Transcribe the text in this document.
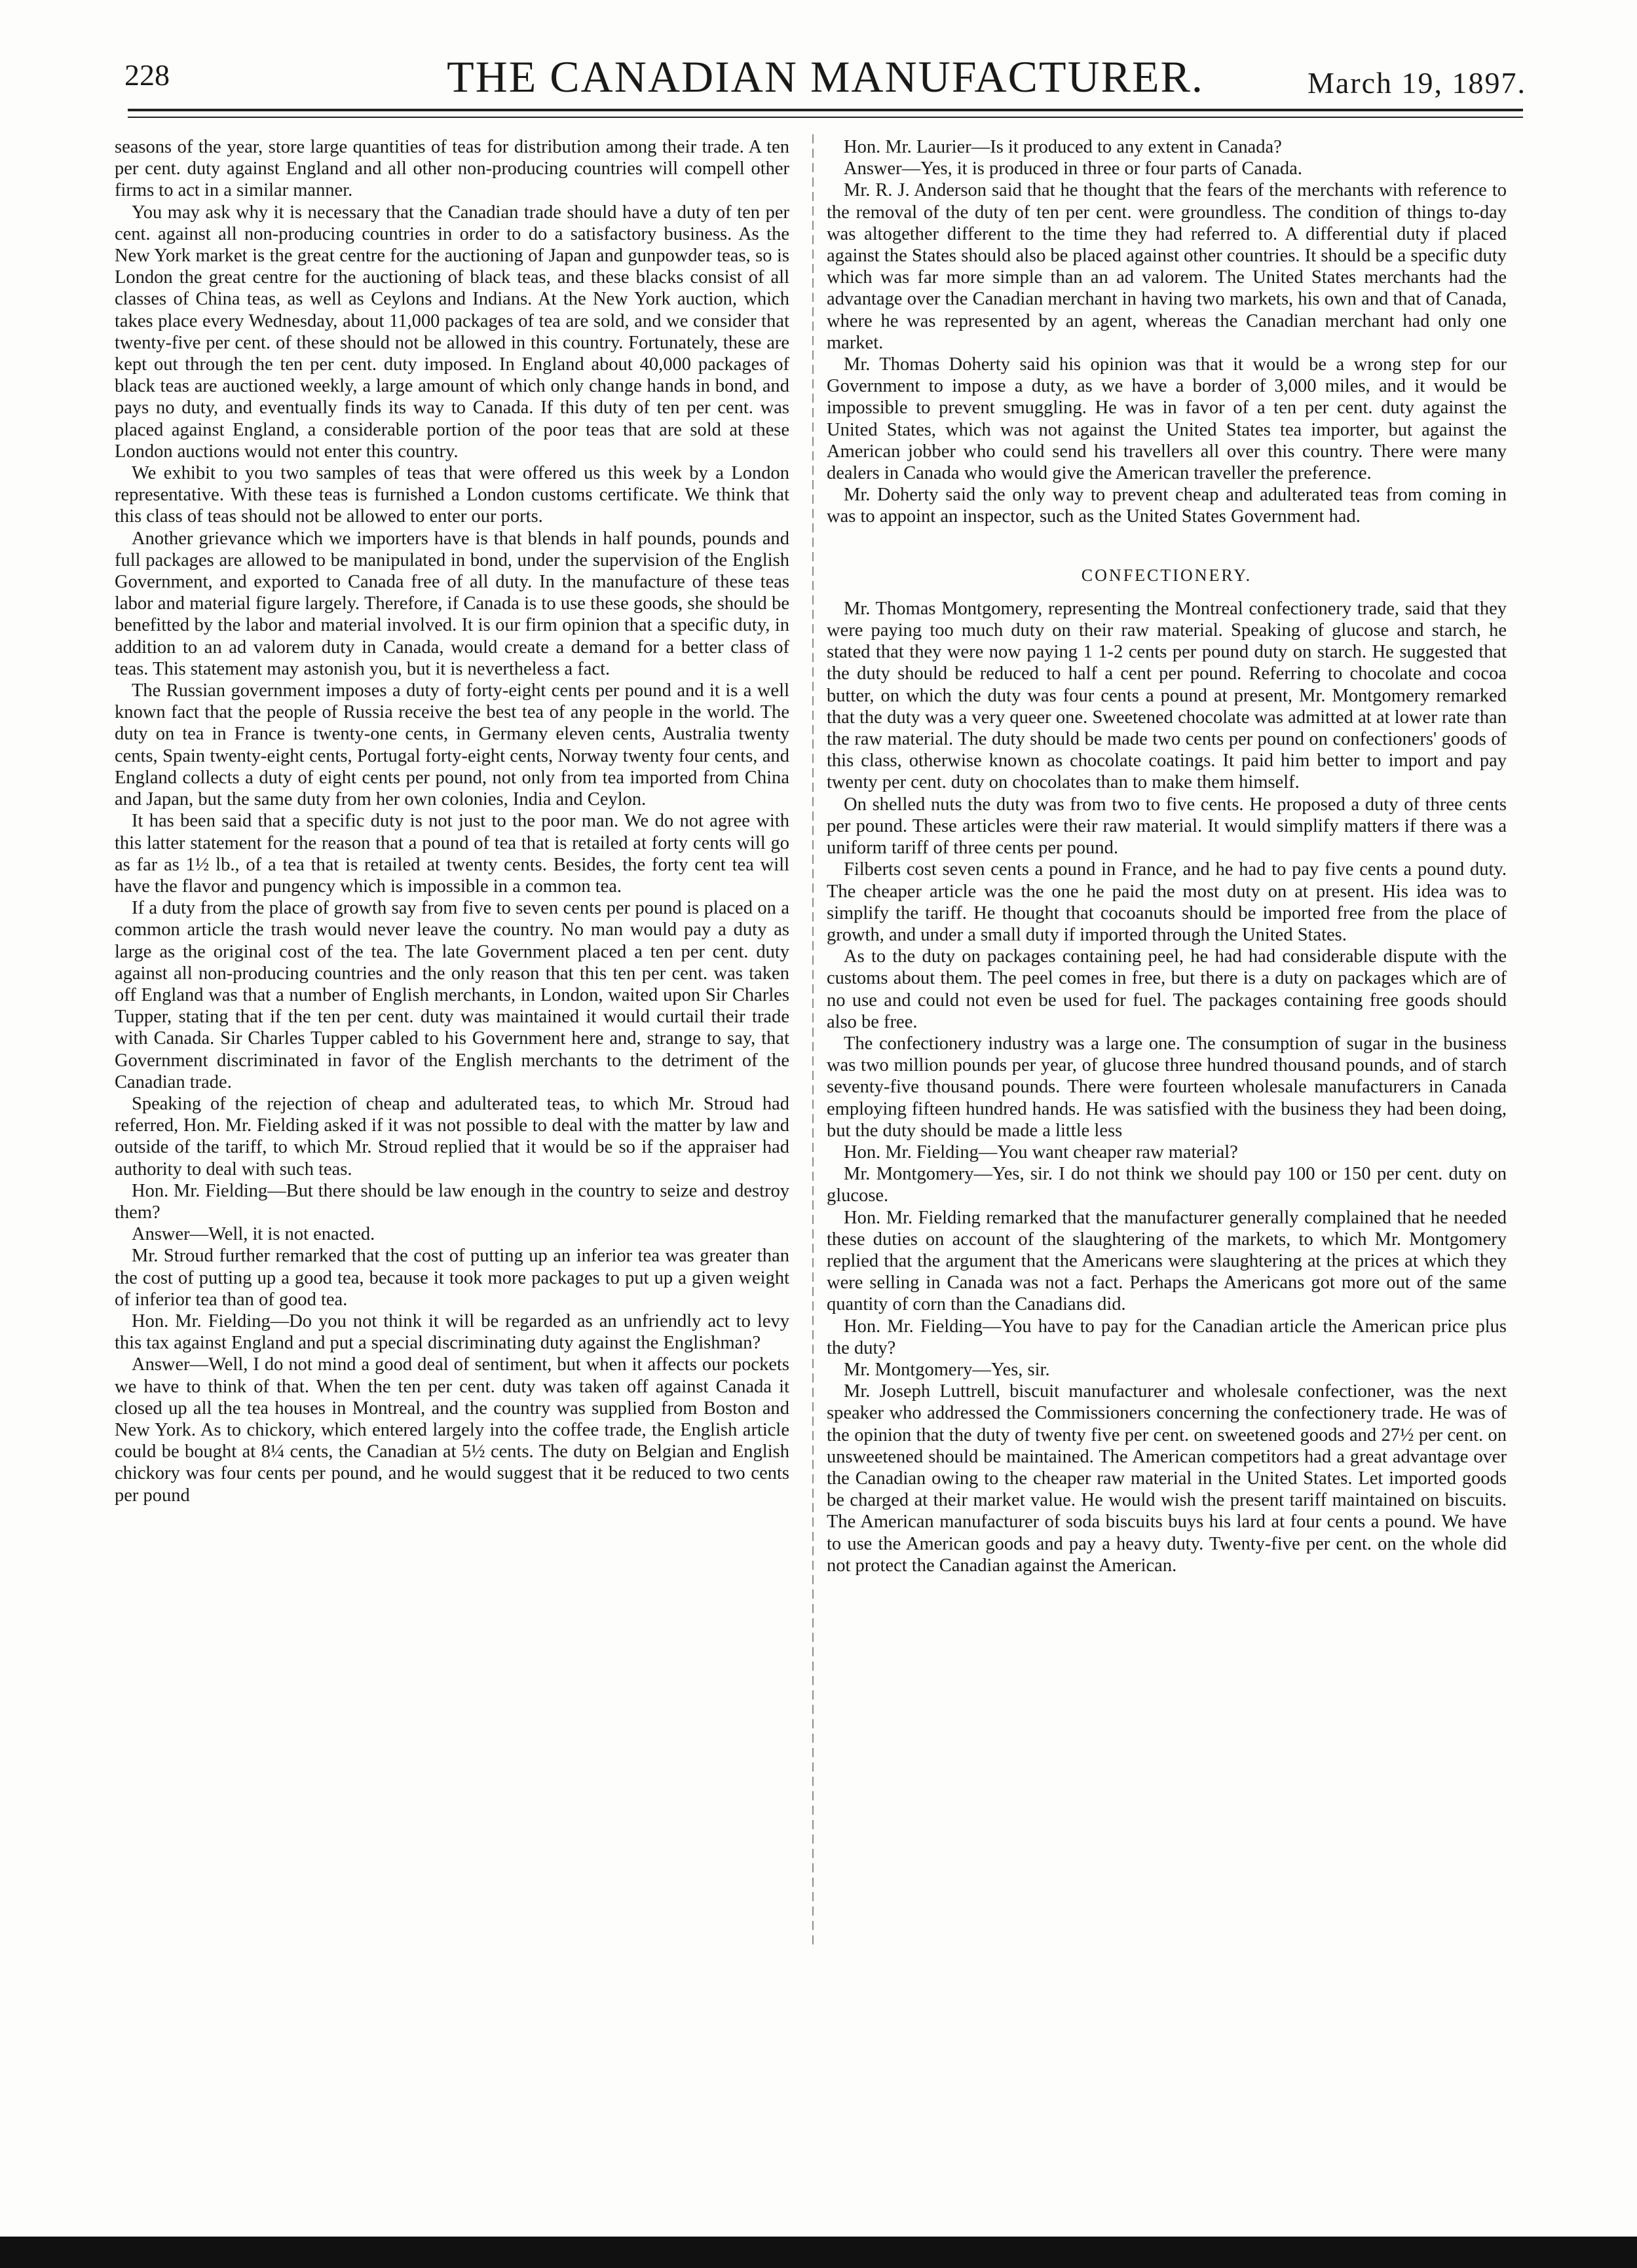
228	THE CANADIAN MANUFACTURER.	March 19, 1897.

seasons of the year, store large quantities of teas for distribution among their trade. A ten per cent. duty against England and all other non-producing countries will compell other firms to act in a similar manner.

You may ask why it is necessary that the Canadian trade should have a duty of ten per cent. against all non-producing countries in order to do a satisfactory business. As the New York market is the great centre for the auctioning of Japan and gunpowder teas, so is London the great centre for the auctioning of black teas, and these blacks consist of all classes of China teas, as well as Ceylons and Indians. At the New York auction, which takes place every Wednesday, about 11,000 packages of tea are sold, and we consider that twenty-five per cent. of these should not be allowed in this country. Fortunately, these are kept out through the ten per cent. duty imposed. In England about 40,000 packages of black teas are auctioned weekly, a large amount of which only change hands in bond, and pays no duty, and eventually finds its way to Canada. If this duty of ten per cent. was placed against England, a considerable portion of the poor teas that are sold at these London auctions would not enter this country.

We exhibit to you two samples of teas that were offered us this week by a London representative. With these teas is furnished a London customs certificate. We think that this class of teas should not be allowed to enter our ports.

Another grievance which we importers have is that blends in half pounds, pounds and full packages are allowed to be manipulated in bond, under the supervision of the English Government, and exported to Canada free of all duty. In the manufacture of these teas labor and material figure largely. Therefore, if Canada is to use these goods, she should be benefitted by the labor and material involved. It is our firm opinion that a specific duty, in addition to an ad valorem duty in Canada, would create a demand for a better class of teas. This statement may astonish you, but it is nevertheless a fact.

The Russian government imposes a duty of forty-eight cents per pound and it is a well known fact that the people of Russia receive the best tea of any people in the world. The duty on tea in France is twenty-one cents, in Germany eleven cents, Australia twenty cents, Spain twenty-eight cents, Portugal forty-eight cents, Norway twenty four cents, and England collects a duty of eight cents per pound, not only from tea imported from China and Japan, but the same duty from her own colonies, India and Ceylon.

It has been said that a specific duty is not just to the poor man. We do not agree with this latter statement for the reason that a pound of tea that is retailed at forty cents will go as far as 1½ lb., of a tea that is retailed at twenty cents. Besides, the forty cent tea will have the flavor and pungency which is impossible in a common tea.

If a duty from the place of growth say from five to seven cents per pound is placed on a common article the trash would never leave the country. No man would pay a duty as large as the original cost of the tea. The late Government placed a ten per cent. duty against all non-producing countries and the only reason that this ten per cent. was taken off England was that a number of English merchants, in London, waited upon Sir Charles Tupper, stating that if the ten per cent. duty was maintained it would curtail their trade with Canada. Sir Charles Tupper cabled to his Government here and, strange to say, that Government discriminated in favor of the English merchants to the detriment of the Canadian trade.

Speaking of the rejection of cheap and adulterated teas, to which Mr. Stroud had referred, Hon. Mr. Fielding asked if it was not possible to deal with the matter by law and outside of the tariff, to which Mr. Stroud replied that it would be so if the appraiser had authority to deal with such teas.

Hon. Mr. Fielding—But there should be law enough in the country to seize and destroy them?

Answer—Well, it is not enacted.

Mr. Stroud further remarked that the cost of putting up an inferior tea was greater than the cost of putting up a good tea, because it took more packages to put up a given weight of inferior tea than of good tea.

Hon. Mr. Fielding—Do you not think it will be regarded as an unfriendly act to levy this tax against England and put a special discriminating duty against the Englishman?

Answer—Well, I do not mind a good deal of sentiment, but when it affects our pockets we have to think of that. When the ten per cent. duty was taken off against Canada it closed up all the tea houses in Montreal, and the country was supplied from Boston and New York. As to chickory, which entered largely into the coffee trade, the English article could be bought at 8¼ cents, the Canadian at 5½ cents. The duty on Belgian and English chickory was four cents per pound, and he would suggest that it be reduced to two cents per pound

Hon. Mr. Laurier—Is it produced to any extent in Canada?

Answer—Yes, it is produced in three or four parts of Canada.

Mr. R. J. Anderson said that he thought that the fears of the merchants with reference to the removal of the duty of ten per cent. were groundless. The condition of things to-day was altogether different to the time they had referred to. A differential duty if placed against the States should also be placed against other countries. It should be a specific duty which was far more simple than an ad valorem. The United States merchants had the advantage over the Canadian merchant in having two markets, his own and that of Canada, where he was represented by an agent, whereas the Canadian merchant had only one market.

Mr. Thomas Doherty said his opinion was that it would be a wrong step for our Government to impose a duty, as we have a border of 3,000 miles, and it would be impossible to prevent smuggling. He was in favor of a ten per cent. duty against the United States, which was not against the United States tea importer, but against the American jobber who could send his travellers all over this country. There were many dealers in Canada who would give the American traveller the preference.

Mr. Doherty said the only way to prevent cheap and adulterated teas from coming in was to appoint an inspector, such as the United States Government had.

CONFECTIONERY.

Mr. Thomas Montgomery, representing the Montreal confectionery trade, said that they were paying too much duty on their raw material. Speaking of glucose and starch, he stated that they were now paying 1 1-2 cents per pound duty on starch. He suggested that the duty should be reduced to half a cent per pound. Referring to chocolate and cocoa butter, on which the duty was four cents a pound at present, Mr. Montgomery remarked that the duty was a very queer one. Sweetened chocolate was admitted at at lower rate than the raw material. The duty should be made two cents per pound on confectioners' goods of this class, otherwise known as chocolate coatings. It paid him better to import and pay twenty per cent. duty on chocolates than to make them himself.

On shelled nuts the duty was from two to five cents. He proposed a duty of three cents per pound. These articles were their raw material. It would simplify matters if there was a uniform tariff of three cents per pound.

Filberts cost seven cents a pound in France, and he had to pay five cents a pound duty. The cheaper article was the one he paid the most duty on at present. His idea was to simplify the tariff. He thought that cocoanuts should be imported free from the place of growth, and under a small duty if imported through the United States.

As to the duty on packages containing peel, he had had considerable dispute with the customs about them. The peel comes in free, but there is a duty on packages which are of no use and could not even be used for fuel. The packages containing free goods should also be free.

The confectionery industry was a large one. The consumption of sugar in the business was two million pounds per year, of glucose three hundred thousand pounds, and of starch seventy-five thousand pounds. There were fourteen wholesale manufacturers in Canada employing fifteen hundred hands. He was satisfied with the business they had been doing, but the duty should be made a little less

Hon. Mr. Fielding—You want cheaper raw material?

Mr. Montgomery—Yes, sir. I do not think we should pay 100 or 150 per cent. duty on glucose.

Hon. Mr. Fielding remarked that the manufacturer generally complained that he needed these duties on account of the slaughtering of the markets, to which Mr. Montgomery replied that the argument that the Americans were slaughtering at the prices at which they were selling in Canada was not a fact. Perhaps the Americans got more out of the same quantity of corn than the Canadians did.

Hon. Mr. Fielding—You have to pay for the Canadian article the American price plus the duty?

Mr. Montgomery—Yes, sir.

Mr. Joseph Luttrell, biscuit manufacturer and wholesale confectioner, was the next speaker who addressed the Commissioners concerning the confectionery trade. He was of the opinion that the duty of twenty five per cent. on sweetened goods and 27½ per cent. on unsweetened should be maintained. The American competitors had a great advantage over the Canadian owing to the cheaper raw material in the United States. Let imported goods be charged at their market value. He would wish the present tariff maintained on biscuits. The American manufacturer of soda biscuits buys his lard at four cents a pound. We have to use the American goods and pay a heavy duty. Twenty-five per cent. on the whole did not protect the Canadian against the American.
